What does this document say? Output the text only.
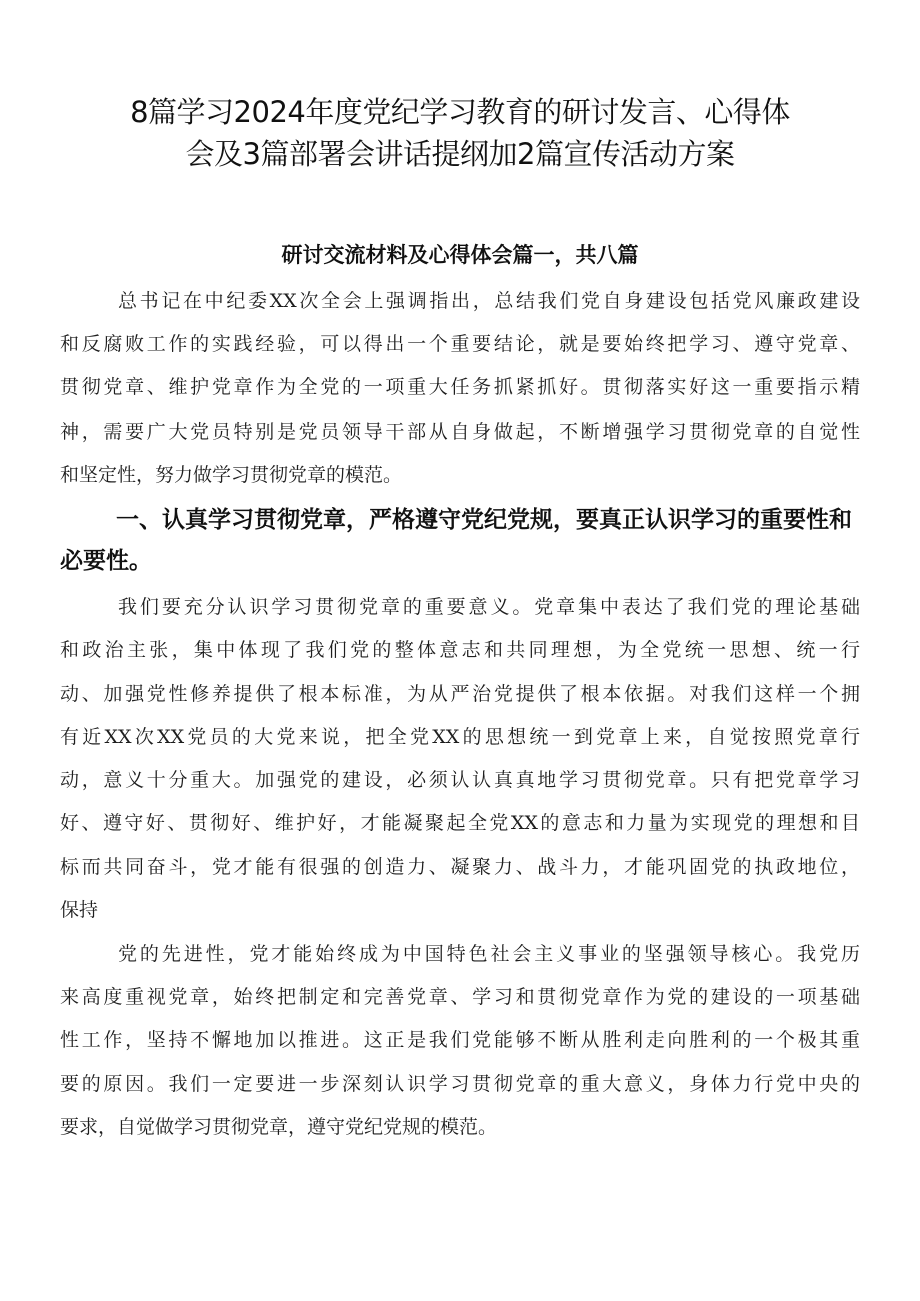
8篇学习2024年度党纪学习教育的研讨发言、心得体
会及3篇部署会讲话提纲加2篇宣传活动方案
研讨交流材料及心得体会篇一，共八篇

总书记在中纪委XX次全会上强调指出，总结我们党自身建设包括党风廉政建设

和反腐败工作的实践经验，可以得出一个重要结论，就是要始终把学习、遵守党章、

贯彻党章、维护党章作为全党的一项重大任务抓紧抓好。贯彻落实好这一重要指示精

神，需要广大党员特别是党员领导干部从自身做起，不断增强学习贯彻党章的自觉性

和坚定性，努力做学习贯彻党章的模范。

一、认真学习贯彻党章，严格遵守党纪党规，要真正认识学习的重要性和

必要性。

我们要充分认识学习贯彻党章的重要意义。党章集中表达了我们党的理论基础

和政治主张，集中体现了我们党的整体意志和共同理想，为全党统一思想、统一行

动、加强党性修养提供了根本标准，为从严治党提供了根本依据。对我们这样一个拥

有近XX次XX党员的大党来说，把全党XX的思想统一到党章上来，自觉按照党章行

动，意义十分重大。加强党的建设，必须认认真真地学习贯彻党章。只有把党章学习

好、遵守好、贯彻好、维护好，才能凝聚起全党XX的意志和力量为实现党的理想和目

标而共同奋斗，党才能有很强的创造力、凝聚力、战斗力，才能巩固党的执政地位，

保持

党的先进性，党才能始终成为中国特色社会主义事业的坚强领导核心。我党历

来高度重视党章，始终把制定和完善党章、学习和贯彻党章作为党的建设的一项基础

性工作，坚持不懈地加以推进。这正是我们党能够不断从胜利走向胜利的一个极其重

要的原因。我们一定要进一步深刻认识学习贯彻党章的重大意义，身体力行党中央的

要求，自觉做学习贯彻党章，遵守党纪党规的模范。
